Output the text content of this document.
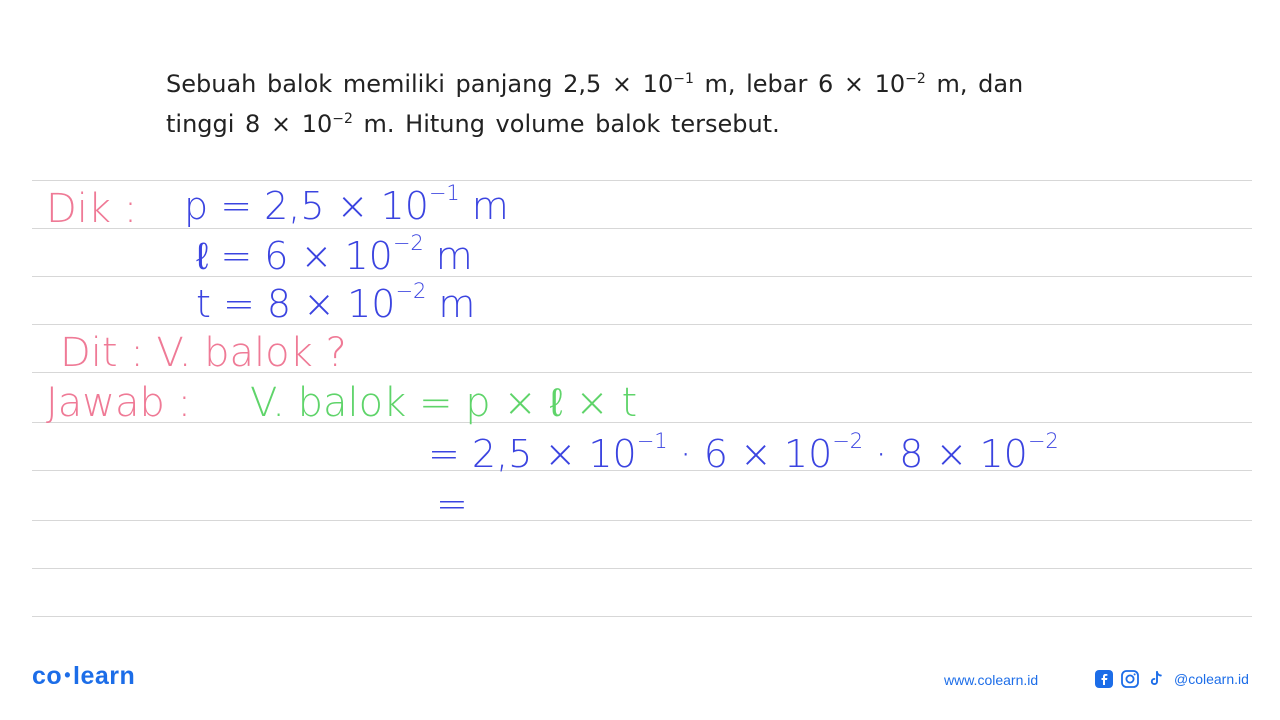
Sebuah balok memiliki panjang $2,5 \times 10^{-1}$ m, lebar $6 \times 10^{-2}$ m, dan
tinggi $8 \times 10^{-2}$ m. Hitung volume balok tersebut.
Dik : $p = 2,5 \times 10^{-1}$ m
ℓ = $6 \times 10^{-2}$ m
$t = 8 \times 10^{-2}$ m
Dit : V. balok ?
Jawab : V. balok = p × ℓ × t
= $2,5 \times 10^{-1} \cdot 6 \times 10^{-2} \cdot 8 \times 10^{-2}$
=
co •learn	www.colearn.id	@colearn.id
